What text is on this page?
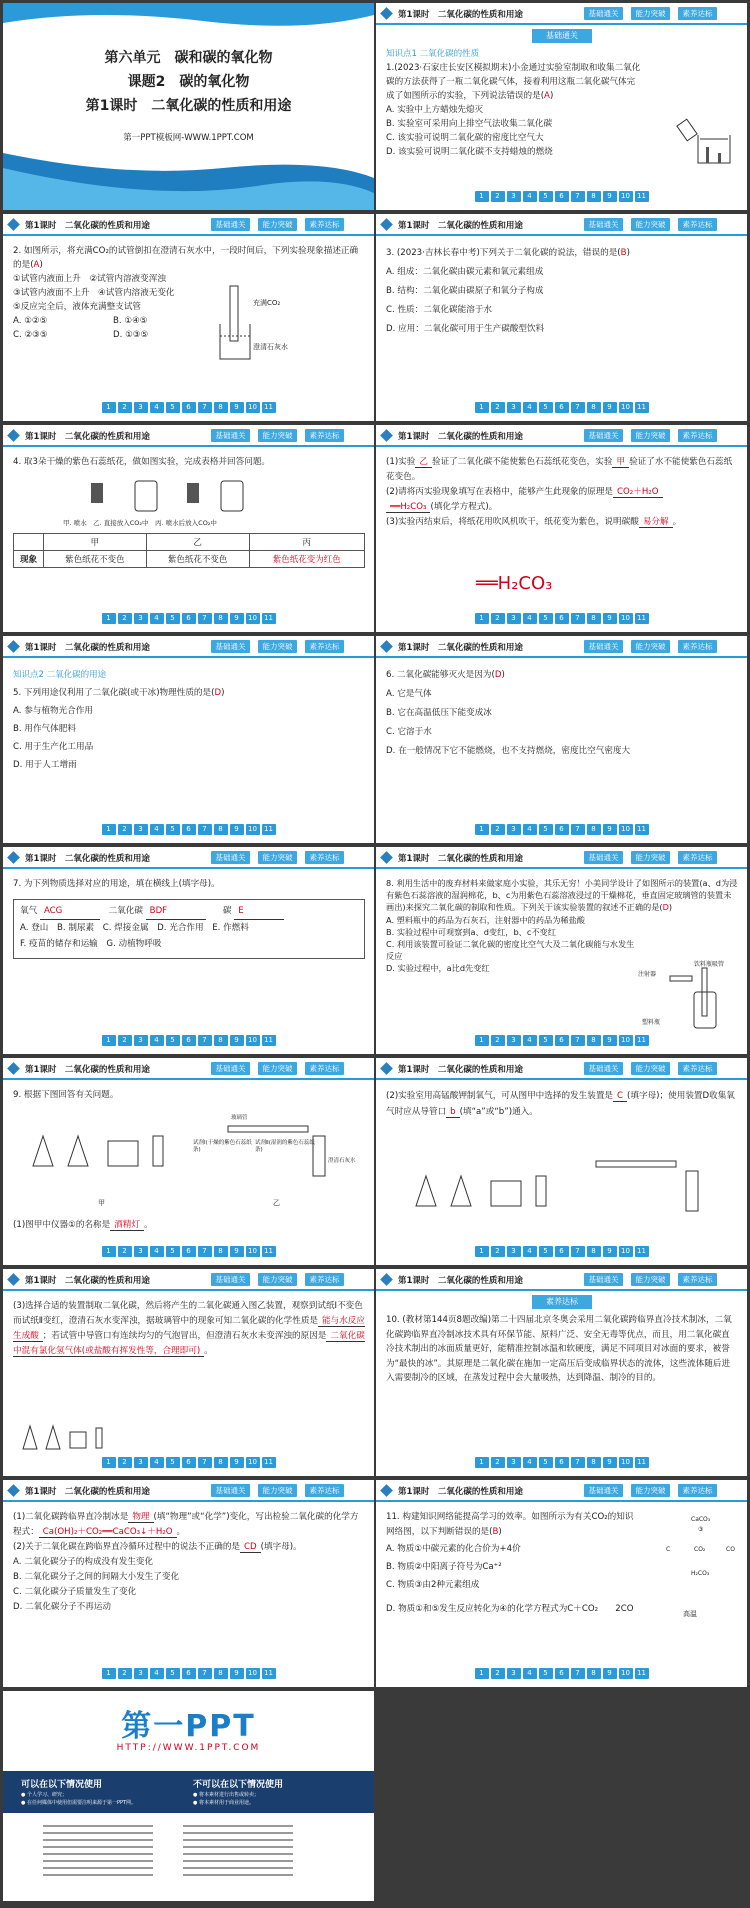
第六单元　碳和碳的氧化物
课题2　碳的氧化物
第1课时　二氧化碳的性质和用途
第一PPT模板网-WWW.1PPT.COM
第1课时　二氧化碳的性质和用途	基础通关	能力突破	素养达标
基础通关

知识点1 二氧化碳的性质

1.(2023·石家庄长安区模拟期末)小金通过实验室制取和收集二氧化碳的方法获得了一瓶二氧化碳气体，接着利用这瓶二氧化碳气体完成了如图所示的实验，下列说法错误的是(A)

A. 实验中上方蜡烛先熄灭

B. 实验室可采用向上排空气法收集二氧化碳

C. 该实验可说明二氧化碳的密度比空气大

D. 该实验可说明二氧化碳不支持蜡烛的燃烧

1 2 3 4 5 6 7 8 9 10 11
第1课时　二氧化碳的性质和用途	基础通关	能力突破	素养达标

2. 如图所示，将充满CO₂的试管倒扣在澄清石灰水中，一段时间后，下列实验现象描述正确的是(A)

①试管内液面上升　②试管内溶液变浑浊

③试管内液面不上升　④试管内溶液无变化

⑤反应完全后，液体充满整支试管

A. ①②⑤	B. ①④⑤

C. ②③⑤	D. ①③⑤

充满CO₂
澄清石灰水
1 2 3 4 5 6 7 8 9 10 11
第1课时　二氧化碳的性质和用途	基础通关	能力突破	素养达标

3. (2023·吉林长春中考)下列关于二氧化碳的说法，错误的是(B)

A. 组成：二氧化碳由碳元素和氧元素组成

B. 结构：二氧化碳由碳原子和氧分子构成

C. 性质：二氧化碳能溶于水

D. 应用：二氧化碳可用于生产碳酸型饮料

1 2 3 4 5 6 7 8 9 10 11
第1课时　二氧化碳的性质和用途	基础通关	能力突破	素养达标

4. 取3朵干燥的紫色石蕊纸花，做如图实验，完成表格并回答问题。

甲. 喷水　乙. 直接放入CO₂中　丙. 喷水后放入CO₂中
	甲	乙	丙
现象	紫色纸花不变色	紫色纸花不变色	紫色纸花变为红色
1 2 3 4 5 6 7 8 9 10 11
第1课时　二氧化碳的性质和用途	基础通关	能力突破	素养达标

(1)实验 乙 验证了二氧化碳不能使紫色石蕊纸花变色，实验 甲 验证了水不能使紫色石蕊纸花变色。

(2)请将丙实验现象填写在表格中，能够产生此现象的原理是 CO₂＋H₂O
══H₂CO₃ (填化学方程式)。

(3)实验丙结束后，将纸花用吹风机吹干，纸花变为紫色，说明碳酸 易分解 。

══H₂CO₃
1 2 3 4 5 6 7 8 9 10 11
第1课时　二氧化碳的性质和用途	基础通关	能力突破	素养达标

知识点2 二氧化碳的用途

5. 下列用途仅利用了二氧化碳(或干冰)物理性质的是(D)

A. 参与植物光合作用

B. 用作气体肥料

C. 用于生产化工用品

D. 用于人工增雨

1 2 3 4 5 6 7 8 9 10 11
第1课时　二氧化碳的性质和用途	基础通关	能力突破	素养达标

6. 二氧化碳能够灭火是因为(D)

A. 它是气体

B. 它在高温低压下能变成冰

C. 它溶于水

D. 在一般情况下它不能燃烧，也不支持燃烧，密度比空气密度大

1 2 3 4 5 6 7 8 9 10 11
第1课时　二氧化碳的性质和用途	基础通关	能力突破	素养达标

7. 为下列物质选择对应的用途，填在横线上(填字母)。

氧气 ACG　	二氧化碳 BDF　　	碳 E

A. 登山　B. 制尿素　C. 焊接金属　D. 光合作用　E. 作燃料

F. 疫苗的储存和运输　G. 动植物呼吸

1 2 3 4 5 6 7 8 9 10 11
第1课时　二氧化碳的性质和用途	基础通关	能力突破	素养达标

8. 利用生活中的废弃材料来做家庭小实验，其乐无穷！小美同学设计了如图所示的装置(a、d为浸有紫色石蕊溶液的湿润棉花，b、c为用紫色石蕊溶液浸过的干燥棉花，垂直固定玻璃管的装置未画出)来探究二氧化碳的制取和性质。下列关于该实验装置的叙述不正确的是(D)

A. 塑料瓶中的药品为石灰石，注射器中的药品为稀盐酸

B. 实验过程中可观察到a、d变红，b、c不变红

C. 利用该装置可验证二氧化碳的密度比空气大及二氧化碳能与水发生反应

D. 实验过程中，a比d先变红

注射器
饮料瓶吸管
塑料瓶
1 2 3 4 5 6 7 8 9 10 11
第1课时　二氧化碳的性质和用途	基础通关	能力突破	素养达标

9. 根据下图回答有关问题。

甲	乙
试剂Ⅰ(干燥的紫色石蕊纸条)
试剂Ⅱ(湿润的紫色石蕊纸条)
澄清石灰水
玻璃管

(1)图甲中仪器①的名称是 酒精灯 。

1 2 3 4 5 6 7 8 9 10 11
第1课时　二氧化碳的性质和用途	基础通关	能力突破	素养达标

(2)实验室用高锰酸钾制氧气，可从图甲中选择的发生装置是 C (填字母)；使用装置D收集氧气时应从导管口 b (填“a”或“b”)通入。

1 2 3 4 5 6 7 8 9 10 11
第1课时　二氧化碳的性质和用途	基础通关	能力突破	素养达标

(3)选择合适的装置制取二氧化碳，然后将产生的二氧化碳通入图乙装置，观察到试纸Ⅰ不变色而试纸Ⅱ变红，澄清石灰水变浑浊，据玻璃管中的现象可知二氧化碳的化学性质是 能与水反应生成酸 ；若试管中导管口有连续均匀的气泡冒出，但澄清石灰水未变浑浊的原因是 二氧化碳中混有氯化氢气体(或盐酸有挥发性等，合理即可) 。

1 2 3 4 5 6 7 8 9 10 11
第1课时　二氧化碳的性质和用途	基础通关	能力突破	素养达标
素养达标

10. (教材第144页8题改编)第二十四届北京冬奥会采用二氧化碳跨临界直冷技术制冰，二氧化碳跨临界直冷制冰技术具有环保节能、原料广泛、安全无毒等优点，而且，用二氧化碳直冷技术制出的冰面质量更好，能精准控制冰温和软硬度，满足不同项目对冰面的要求，被誉为“最快的冰”。其原理是二氧化碳在施加一定高压后变成临界状态的流体，这些流体随后进入需要制冷的区域，在蒸发过程中会大量吸热，达到降温、制冷的目的。

1 2 3 4 5 6 7 8 9 10 11
第1课时　二氧化碳的性质和用途	基础通关	能力突破	素养达标

(1)二氧化碳跨临界直冷制冰是 物理 (填“物理”或“化学”)变化，写出检验二氧化碳的化学方程式： Ca(OH)₂＋CO₂══CaCO₃↓＋H₂O 。

(2)关于二氧化碳在跨临界直冷循环过程中的说法不正确的是 CD (填字母)。

A. 二氧化碳分子的构成没有发生变化

B. 二氧化碳分子之间的间隔大小发生了变化

C. 二氧化碳分子质量发生了变化

D. 二氧化碳分子不再运动

1 2 3 4 5 6 7 8 9 10 11
第1课时　二氧化碳的性质和用途	基础通关	能力突破	素养达标

11. 构建知识网络能提高学习的效率。如图所示为有关CO₂的知识网络图，以下判断错误的是(B)

A. 物质①中碳元素的化合价为+4价

B. 物质②中阳离子符号为Ca⁺²

C. 物质③由2种元素组成

D. 物质①和⑤发生反应转化为④的化学方程式为C＋CO₂　　2CO	高温
CaCO₃
③
C	CO₂	CO
H₂CO₃
1 2 3 4 5 6 7 8 9 10 11
第一PPT
HTTP://WWW.1PPT.COM
可以在以下情况使用
● 个人学习、研究；
● 在任何媒体中使用但需要注明来源于第一PPT网。
不可以在以下情况使用
● 将本素材进行出售或转卖；
● 将本素材用于商业用途。
